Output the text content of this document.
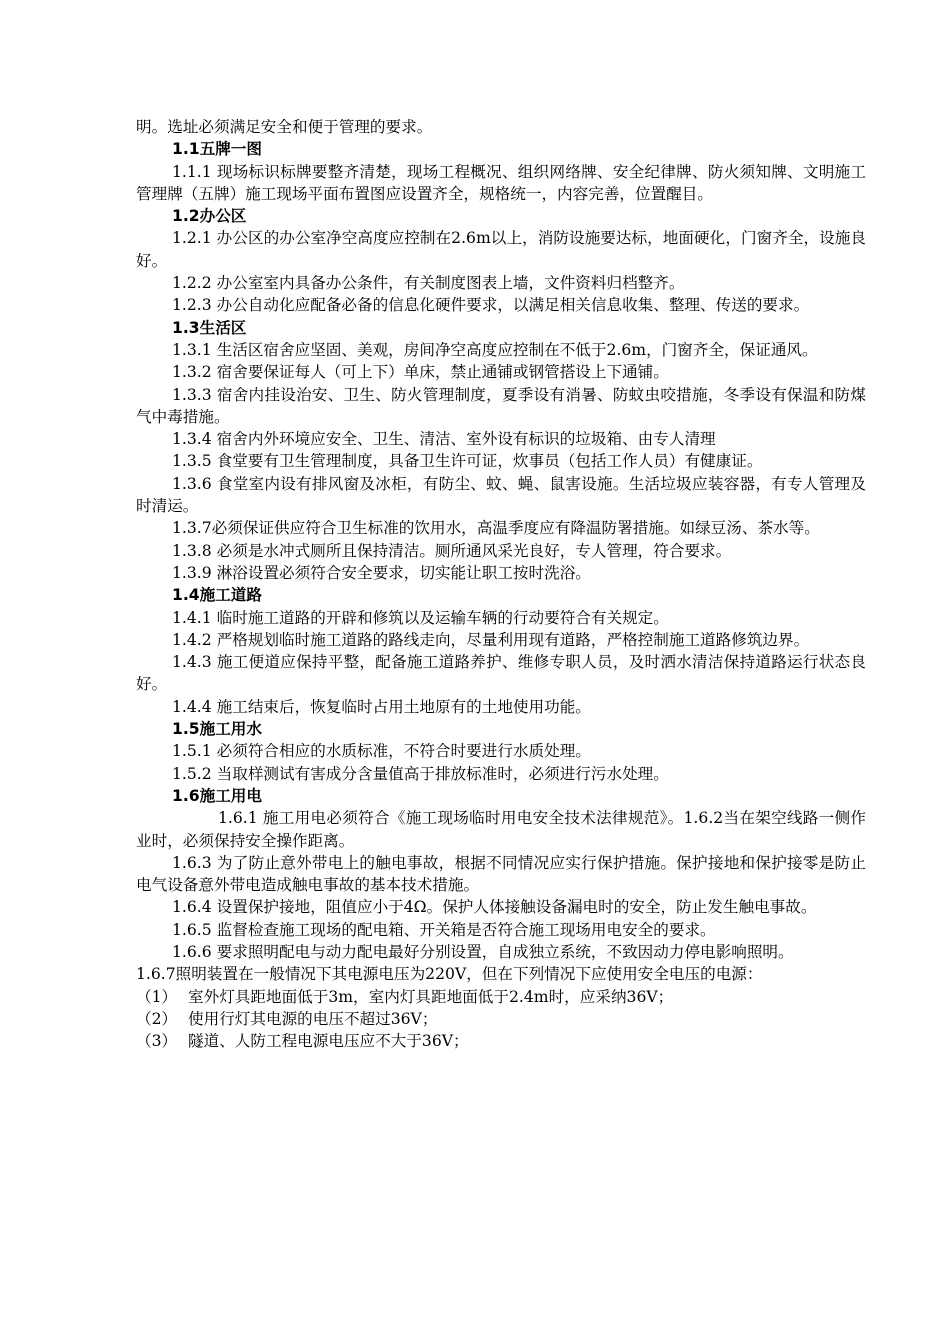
明。选址必须满足安全和便于管理的要求。

1.1五牌一图

1.1.1 现场标识标牌要整齐清楚，现场工程概况、组织网络牌、安全纪律牌、防火须知牌、文明施工管理牌（五牌）施工现场平面布置图应设置齐全，规格统一，内容完善，位置醒目。

1.2办公区

1.2.1 办公区的办公室净空高度应控制在2.6m以上，消防设施要达标，地面硬化，门窗齐全，设施良好。

1.2.2 办公室室内具备办公条件，有关制度图表上墙，文件资料归档整齐。

1.2.3 办公自动化应配备必备的信息化硬件要求，以满足相关信息收集、整理、传送的要求。

1.3生活区

1.3.1 生活区宿舍应坚固、美观，房间净空高度应控制在不低于2.6m，门窗齐全，保证通风。

1.3.2 宿舍要保证每人（可上下）单床，禁止通铺或钢管搭设上下通铺。

1.3.3 宿舍内挂设治安、卫生、防火管理制度，夏季设有消暑、防蚊虫咬措施，冬季设有保温和防煤气中毒措施。

1.3.4 宿舍内外环境应安全、卫生、清洁、室外设有标识的垃圾箱、由专人清理

1.3.5 食堂要有卫生管理制度，具备卫生许可证，炊事员（包括工作人员）有健康证。

1.3.6 食堂室内设有排风窗及冰柜，有防尘、蚊、蝇、鼠害设施。生活垃圾应装容器，有专人管理及时清运。

1.3.7必须保证供应符合卫生标准的饮用水，高温季度应有降温防署措施。如绿豆汤、茶水等。

1.3.8 必须是水冲式厕所且保持清洁。厕所通风采光良好，专人管理，符合要求。

1.3.9 淋浴设置必须符合安全要求，切实能让职工按时洗浴。

1.4施工道路

1.4.1 临时施工道路的开辟和修筑以及运输车辆的行动要符合有关规定。

1.4.2 严格规划临时施工道路的路线走向，尽量利用现有道路，严格控制施工道路修筑边界。

1.4.3 施工便道应保持平整，配备施工道路养护、维修专职人员，及时洒水清洁保持道路运行状态良好。

1.4.4 施工结束后，恢复临时占用土地原有的土地使用功能。

1.5施工用水

1.5.1 必须符合相应的水质标准，不符合时要进行水质处理。

1.5.2 当取样测试有害成分含量值高于排放标准时，必须进行污水处理。

1.6施工用电

1.6.1 施工用电必须符合《施工现场临时用电安全技术法律规范》。1.6.2当在架空线路一侧作业时，必须保持安全操作距离。

1.6.3 为了防止意外带电上的触电事故，根据不同情况应实行保护措施。保护接地和保护接零是防止电气设备意外带电造成触电事故的基本技术措施。

1.6.4 设置保护接地，阻值应小于4Ω。保护人体接触设备漏电时的安全，防止发生触电事故。

1.6.5 监督检查施工现场的配电箱、开关箱是否符合施工现场用电安全的要求。

1.6.6 要求照明配电与动力配电最好分别设置，自成独立系统，不致因动力停电影响照明。

1.6.7照明装置在一般情况下其电源电压为220V，但在下列情况下应使用安全电压的电源：

（1） 室外灯具距地面低于3m，室内灯具距地面低于2.4m时，应采纳36V；

（2） 使用行灯其电源的电压不超过36V；

（3） 隧道、人防工程电源电压应不大于36V；
